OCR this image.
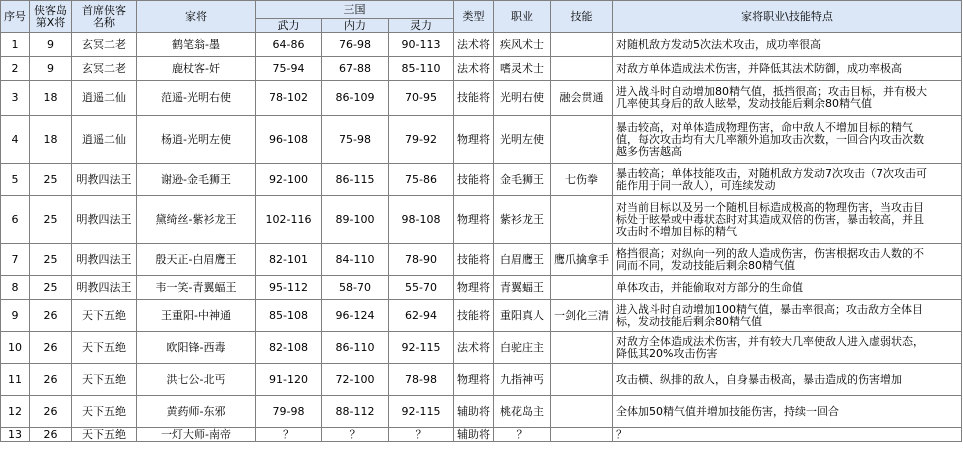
序号	侠客岛
第X将	首席侠客
名称	家将	三国			类型	职业	技能	家将职业\技能特点
				武力	内力	灵力				
1	9	玄冥二老	鹤笔翁-墨	64-86	76-98	90-113	法术将	疾风术士		对随机敌方发动5次法术攻击，成功率很高

2	9	玄冥二老	鹿杖客-奸	75-94	67-88	85-110	法术将	嗜灵术士		对敌方单体造成法术伤害，并降低其法术防御，成功率极高

3	18	逍遥二仙	范遥-光明右使	78-102	86-109	70-95	技能将	光明右使	融会贯通	进入战斗时自动增加80精气值，抵挡很高；攻击目标，并有极大
几率使其身后的敌人眩晕，发动技能后剩余80精气值

4	18	逍遥二仙	杨逍-光明左使	96-108	75-98	79-92	物理将	光明左使		暴击较高，对单体造成物理伤害，命中敌人不增加目标的精气
值，每次攻击均有大几率额外追加攻击次数，一回合内攻击次数
越多伤害越高

5	25	明教四法王	谢逊-金毛狮王	92-100	86-115	75-86	技能将	金毛狮王	七伤拳	暴击较高；单体技能攻击，对随机敌方发动7次攻击（7次攻击可
能作用于同一敌人），可连续发动

6	25	明教四法王	黛绮丝-紫衫龙王	102-116	89-100	98-108	物理将	紫衫龙王		对当前目标以及另一个随机目标造成极高的物理伤害，当攻击目
标处于眩晕或中毒状态时对其造成双倍的伤害，暴击较高，并且
攻击时不增加目标的精气

7	25	明教四法王	殷天正-白眉鹰王	82-101	84-110	78-90	技能将	白眉鹰王	鹰爪擒拿手	格挡很高；对纵向一列的敌人造成伤害，伤害根据攻击人数的不
同而不同，发动技能后剩余80精气值

8	25	明教四法王	韦一笑-青翼蝠王	95-112	58-70	55-70	物理将	青翼蝠王		单体攻击，并能偷取对方部分的生命值

9	26	天下五绝	王重阳-中神通	85-108	96-124	62-94	技能将	重阳真人	一剑化三清	进入战斗时自动增加100精气值，暴击率很高；攻击敌方全体目
标，发动技能后剩余80精气值

10	26	天下五绝	欧阳锋-西毒	82-108	86-110	92-115	法术将	白驼庄主		对敌方全体造成法术伤害，并有较大几率使敌人进入虚弱状态，
降低其20%攻击伤害

11	26	天下五绝	洪七公-北丐	91-120	72-100	78-98	物理将	九指神丐		攻击横、纵排的敌人，自身暴击极高，暴击造成的伤害增加

12	26	天下五绝	黄药师-东邪	79-98	88-112	92-115	辅助将	桃花岛主		全体加50精气值并增加技能伤害，持续一回合

13	26	天下五绝	一灯大师-南帝	？	？	？	辅助将	？		？
